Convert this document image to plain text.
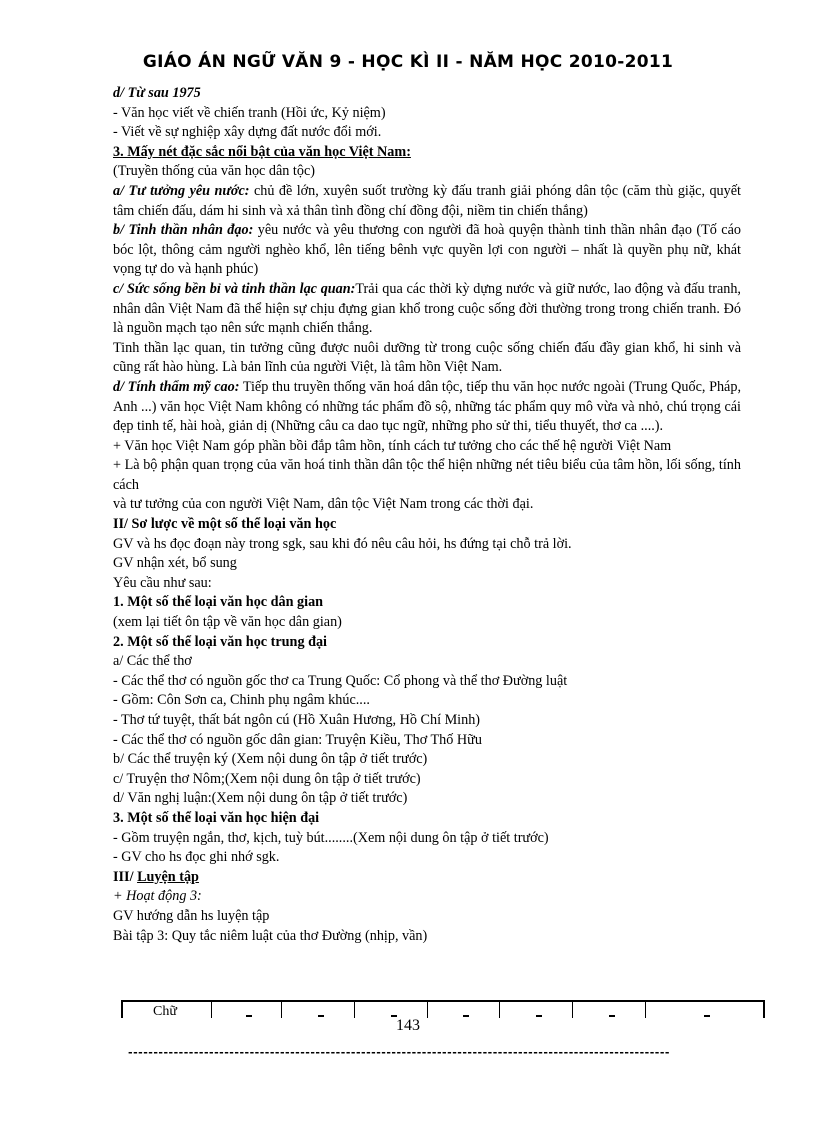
GIÁO ÁN NGỮ VĂN 9 - HỌC KÌ II - NĂM HỌC 2010-2011

d/ Từ sau 1975

- Văn học viết về chiến tranh (Hồi ức, Kỷ niệm)

- Viết về sự nghiệp xây dựng đất nước đổi mới.

3. Mấy nét đặc sắc nổi bật của văn học Việt Nam:

(Truyền thống của văn học dân tộc)

a/ Tư tưởng yêu nước: chủ đề lớn, xuyên suốt trường kỳ đấu tranh giải phóng dân tộc (căm thù giặc, quyết tâm chiến đấu, dám hi sinh và xả thân tình đồng chí đồng đội, niềm tin chiến thắng)

b/ Tinh thần nhân đạo: yêu nước và yêu thương con người đã hoà quyện thành tinh thần nhân đạo (Tố cáo bóc lột, thông cảm người nghèo khổ, lên tiếng bênh vực quyền lợi con người – nhất là quyền phụ nữ, khát vọng tự do và hạnh phúc)

c/ Sức sống bền bỉ và tinh thần lạc quan:Trải qua các thời kỳ dựng nước và giữ nước, lao động và đấu tranh, nhân dân Việt Nam đã thể hiện sự chịu đựng gian khổ trong cuộc sống đời thường trong trong chiến tranh. Đó là nguồn mạch tạo nên sức mạnh chiến thắng.

Tinh thần lạc quan, tin tưởng cũng được nuôi dưỡng từ trong cuộc sống chiến đấu đầy gian khổ, hi sinh và cũng rất hào hùng. Là bản lĩnh của người Việt, là tâm hồn Việt Nam.

d/ Tính thẩm mỹ cao: Tiếp thu truyền thống văn hoá dân tộc, tiếp thu văn học nước ngoài (Trung Quốc, Pháp, Anh ...) văn học Việt Nam không có những tác phẩm đồ sộ, những tác phẩm quy mô vừa và nhỏ, chú trọng cái đẹp tinh tế, hài hoà, giản dị (Những câu ca dao tục ngữ, những pho sử thi, tiểu thuyết, thơ ca ....).

+ Văn học Việt Nam góp phần bồi đắp tâm hồn, tính cách tư tưởng cho các thế hệ người Việt Nam

+ Là bộ phận quan trọng của văn hoá tinh thần dân tộc thể hiện những nét tiêu biểu của tâm hồn, lối sống, tính cách

và tư tưởng của con người Việt Nam, dân tộc Việt Nam trong các thời đại.

II/ Sơ lược về một số thể loại văn học

GV và hs đọc đoạn này trong sgk, sau khi đó nêu câu hỏi, hs đứng tại chỗ trả lời.

GV nhận xét, bổ sung

Yêu cầu như sau:

1. Một số thể loại văn học dân gian

(xem lại tiết ôn tập về văn học dân gian)

2. Một số thể loại văn học trung đại

a/ Các thể thơ

- Các thể thơ có nguồn gốc thơ ca Trung Quốc: Cổ phong và thể thơ Đường luật

- Gồm: Côn Sơn ca, Chinh phụ ngâm khúc....

- Thơ tứ tuyệt, thất bát ngôn cú (Hồ Xuân Hương, Hồ Chí Minh)

- Các thể thơ có nguồn gốc dân gian: Truyện Kiều, Thơ Thố Hữu

b/ Các thể truyện ký (Xem nội dung ôn tập ở tiết trước)

c/ Truyện thơ Nôm;(Xem nội dung ôn tập ở tiết trước)

d/ Văn nghị luận:(Xem nội dung ôn tập ở tiết trước)

3. Một số thể loại văn học hiện đại

- Gồm truyện ngắn, thơ, kịch, tuỳ bút........(Xem nội dung ôn tập ở tiết trước)

- GV cho hs đọc ghi nhớ sgk.

III/ Luyện tập

+ Hoạt động 3:

GV hướng dẫn hs luyện tập

Bài tập 3: Quy tắc niêm luật của thơ Đường (nhịp, vần)

Chữ
143
-----------------------------------------------------------------------------------------------------------
